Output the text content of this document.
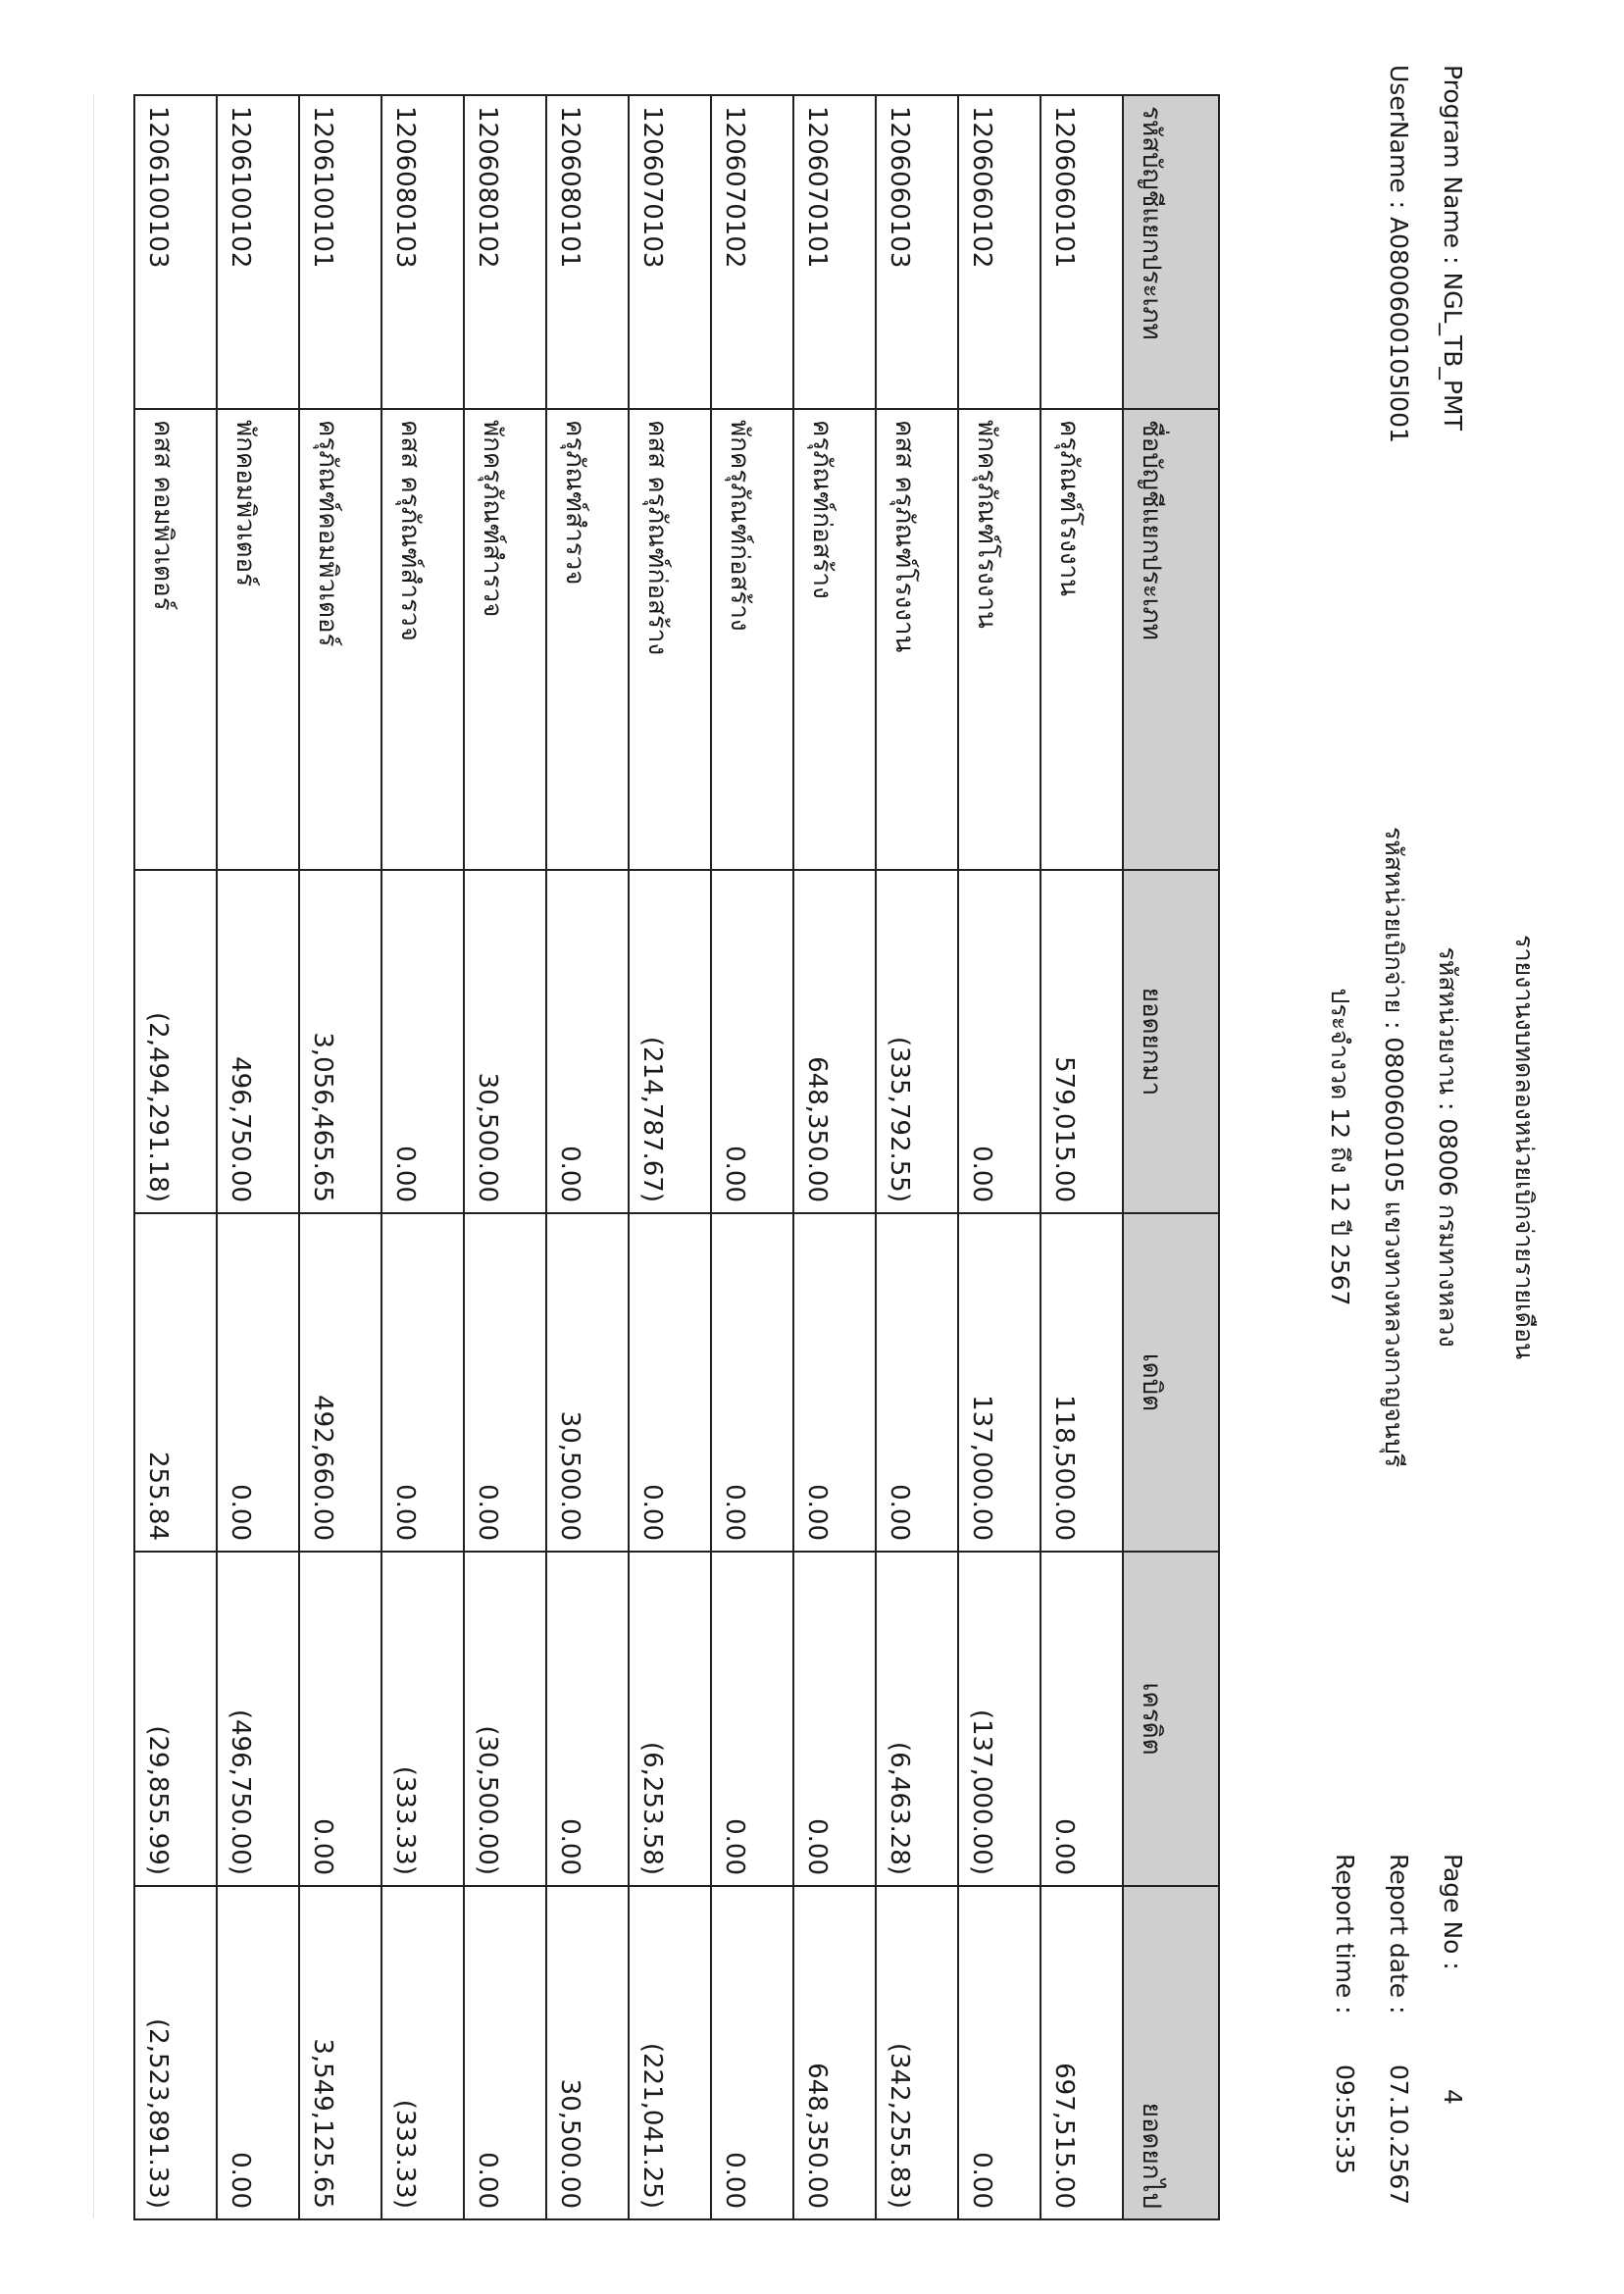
รายงานงบทดลองหน่วยเบิกจ่ายรายเดือน
Program Name : NGL_TB_PMT
รหัสหน่วยงาน : 08006 กรมทางหลวง
Page No :
4
UserName : A0800600105l001
รหัสหน่วยเบิกจ่าย : 0800600105 แขวงทางหลวงกาญจนบุรี
Report date :
07.10.2567
ประจำงวด 12 ถึง 12 ปี 2567
Report time :
09:55:35
รหัสบัญชีแยกประเภท	ชื่อบัญชีแยกประเภท	ยอดยกมา	เดบิต	เครดิต	ยอดยกไป
1206060101	ครุภัณฑ์โรงงาน	579,015.00	118,500.00	0.00	697,515.00
1206060102	พักครุภัณฑ์โรงงาน	0.00	137,000.00	(137,000.00)	0.00
1206060103	คสส ครุภัณฑ์โรงงาน	(335,792.55)	0.00	(6,463.28)	(342,255.83)
1206070101	ครุภัณฑ์ก่อสร้าง	648,350.00	0.00	0.00	648,350.00
1206070102	พักครุภัณฑ์ก่อสร้าง	0.00	0.00	0.00	0.00
1206070103	คสส ครุภัณฑ์ก่อสร้าง	(214,787.67)	0.00	(6,253.58)	(221,041.25)
1206080101	ครุภัณฑ์สำรวจ	0.00	30,500.00	0.00	30,500.00
1206080102	พักครุภัณฑ์สำรวจ	30,500.00	0.00	(30,500.00)	0.00
1206080103	คสส ครุภัณฑ์สำรวจ	0.00	0.00	(333.33)	(333.33)
1206100101	ครุภัณฑ์คอมพิวเตอร์	3,056,465.65	492,660.00	0.00	3,549,125.65
1206100102	พักคอมพิวเตอร์	496,750.00	0.00	(496,750.00)	0.00
1206100103	คสส คอมพิวเตอร์	(2,494,291.18)	255.84	(29,855.99)	(2,523,891.33)
